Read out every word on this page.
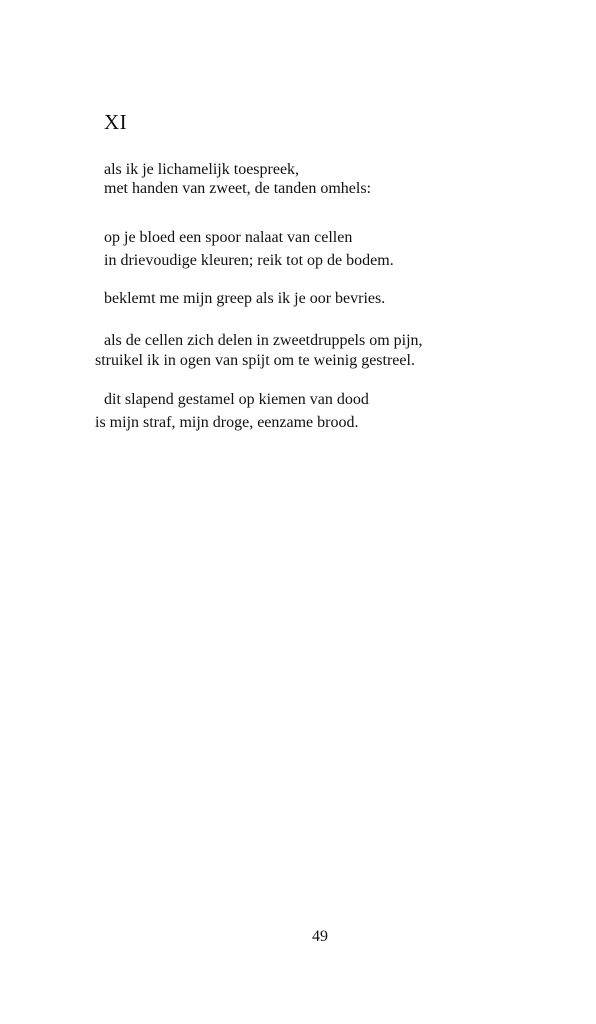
XI
als ik je lichamelijk toespreek,
met handen van zweet, de tanden omhels:
op je bloed een spoor nalaat van cellen
in drievoudige kleuren; reik tot op de bodem.
beklemt me mijn greep als ik je oor bevries.
als de cellen zich delen in zweetdruppels om pijn,
struikel ik in ogen van spijt om te weinig gestreel.
dit slapend gestamel op kiemen van dood
is mijn straf, mijn droge, eenzame brood.
49
